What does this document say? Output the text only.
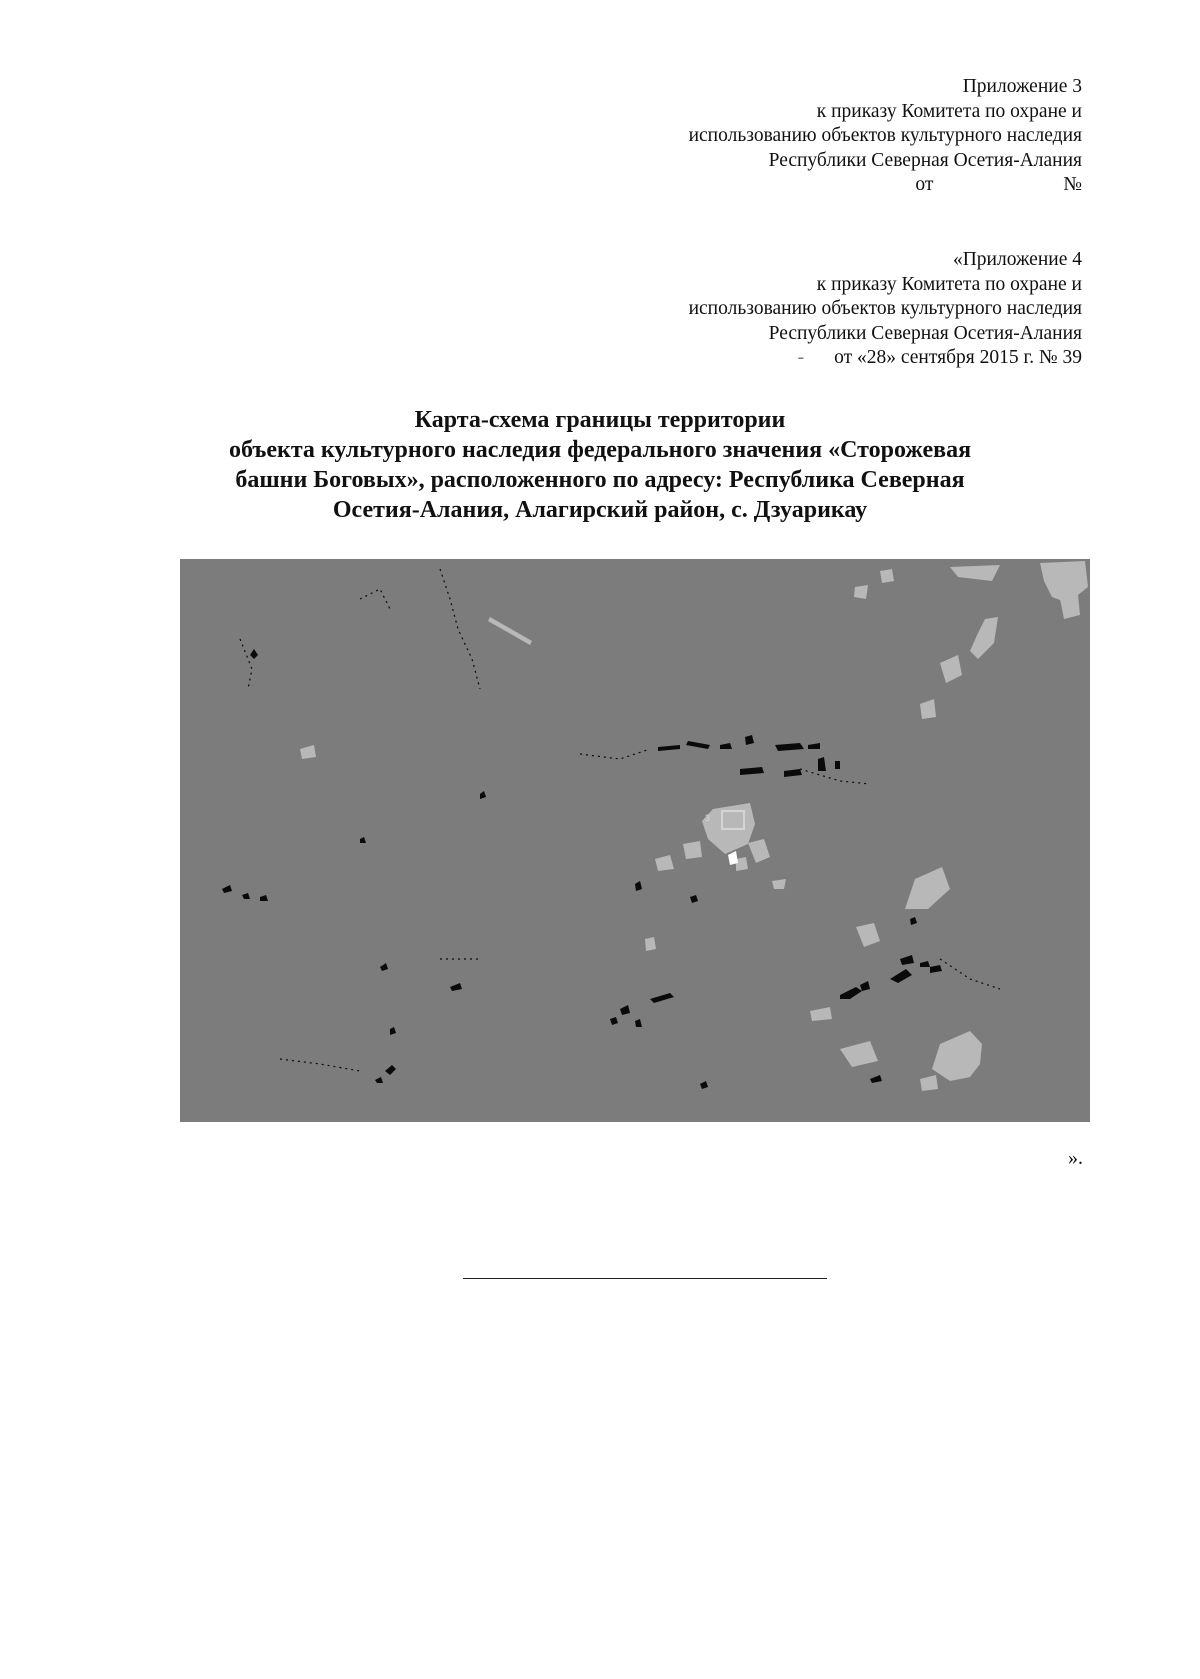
Приложение 3
к приказу Комитета по охране и
использованию объектов культурного наследия
Республики Северная Осетия-Алания
от	№
«Приложение 4
к приказу Комитета по охране и
использованию объектов культурного наследия
Республики Северная Осетия-Алания
- от «28» сентября 2015 г. № 39
Карта-схема границы территории
объекта культурного наследия федерального значения «Сторожевая
башни Боговых», расположенного по адресу: Республика Северная
Осетия-Алания, Алагирский район, с. Дзуарикау
3
».
